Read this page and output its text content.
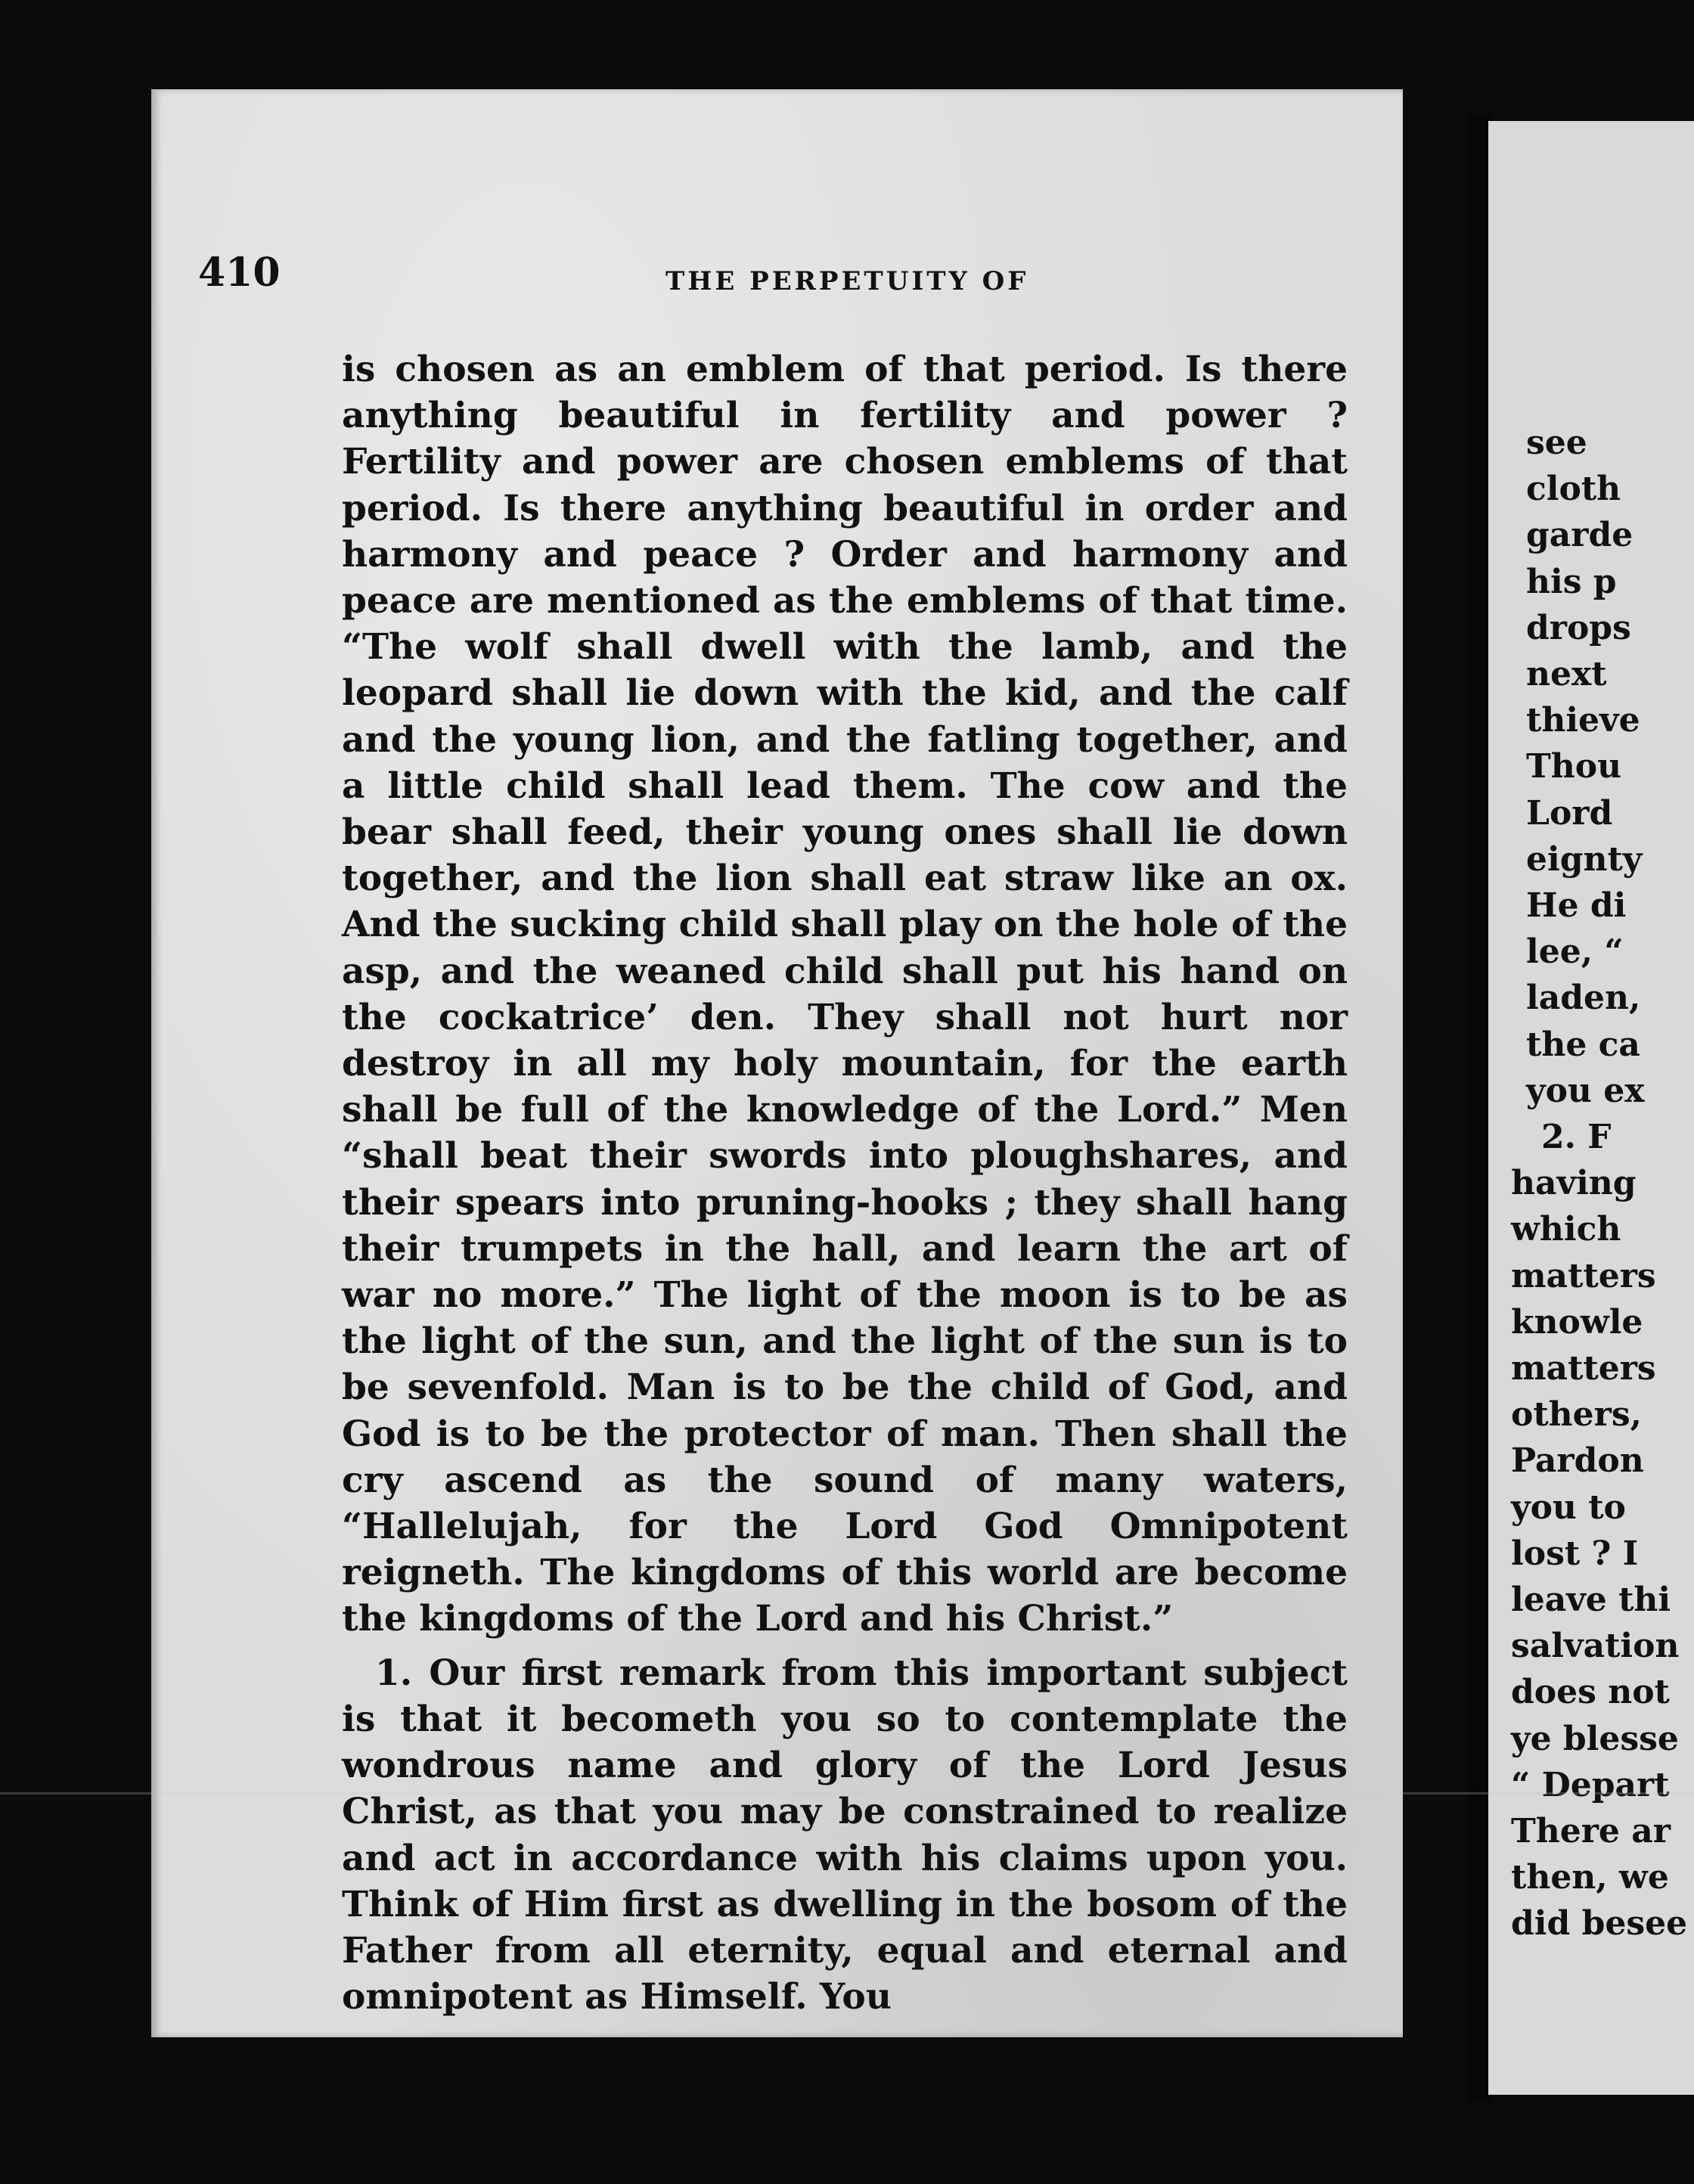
410	THE PERPETUITY OF

is chosen as an emblem of that period. Is there anything beautiful in fertility and power ? Fertility and power are chosen emblems of that period. Is there anything beautiful in order and harmony and peace ? Order and harmony and peace are mentioned as the emblems of that time. “The wolf shall dwell with the lamb, and the leopard shall lie down with the kid, and the calf and the young lion, and the fatling together, and a little child shall lead them. The cow and the bear shall feed, their young ones shall lie down together, and the lion shall eat straw like an ox. And the sucking child shall play on the hole of the asp, and the weaned child shall put his hand on the cockatrice’ den. They shall not hurt nor destroy in all my holy mountain, for the earth shall be full of the knowledge of the Lord.” Men “shall beat their swords into ploughshares, and their spears into pruning-hooks ; they shall hang their trumpets in the hall, and learn the art of war no more.” The light of the moon is to be as the light of the sun, and the light of the sun is to be sevenfold. Man is to be the child of God, and God is to be the protector of man. Then shall the cry ascend as the sound of many waters, “Hallelujah, for the Lord God Omnipotent reigneth. The kingdoms of this world are become the kingdoms of the Lord and his Christ.”

1. Our first remark from this important subject is that it becometh you so to contemplate the wondrous name and glory of the Lord Jesus Christ, as that you may be constrained to realize and act in accordance with his claims upon you. Think of Him first as dwelling in the bosom of the Father from all eternity, equal and eternal and omnipotent as Himself. You

see
cloth
garde
his p
drops
next
thieve
Thou
Lord
eignty
He di
lee, “
laden,
the ca
you ex
2. F
having
which
matters
knowle
matters
others,
Pardon
you to
lost ? I
leave thi
salvation
does not
ye blesse
“ Depart
There ar
then, we
did besee
